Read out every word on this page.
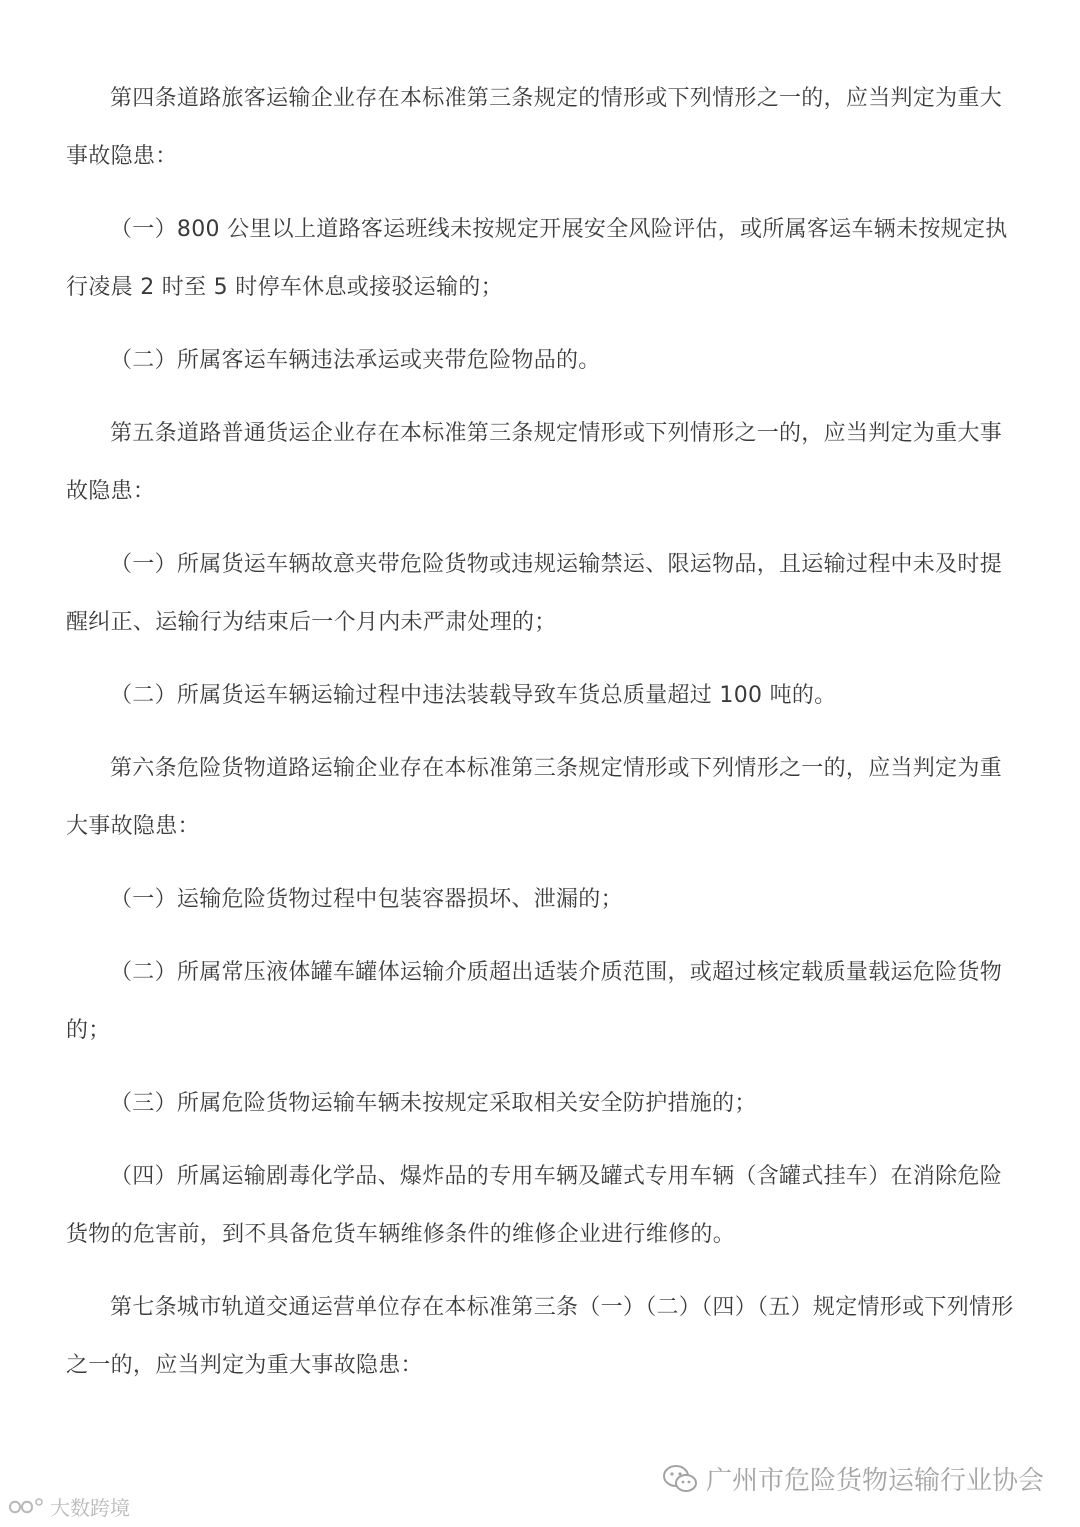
第四条道路旅客运输企业存在本标准第三条规定的情形或下列情形之一的，应当判定为重大事故隐患：

（一）800 公里以上道路客运班线未按规定开展安全风险评估，或所属客运车辆未按规定执行凌晨 2 时至 5 时停车休息或接驳运输的；

（二）所属客运车辆违法承运或夹带危险物品的。

第五条道路普通货运企业存在本标准第三条规定情形或下列情形之一的，应当判定为重大事故隐患：

（一）所属货运车辆故意夹带危险货物或违规运输禁运、限运物品，且运输过程中未及时提醒纠正、运输行为结束后一个月内未严肃处理的；

（二）所属货运车辆运输过程中违法装载导致车货总质量超过 100 吨的。

第六条危险货物道路运输企业存在本标准第三条规定情形或下列情形之一的，应当判定为重大事故隐患：

（一）运输危险货物过程中包装容器损坏、泄漏的；

（二）所属常压液体罐车罐体运输介质超出适装介质范围，或超过核定载质量载运危险货物的；

（三）所属危险货物运输车辆未按规定采取相关安全防护措施的；

（四）所属运输剧毒化学品、爆炸品的专用车辆及罐式专用车辆（含罐式挂车）在消除危险货物的危害前，到不具备危货车辆维修条件的维修企业进行维修的。

第七条城市轨道交通运营单位存在本标准第三条（一）（二）（四）（五）规定情形或下列情形之一的，应当判定为重大事故隐患：

广州市危险货物运输行业协会
大数跨境
